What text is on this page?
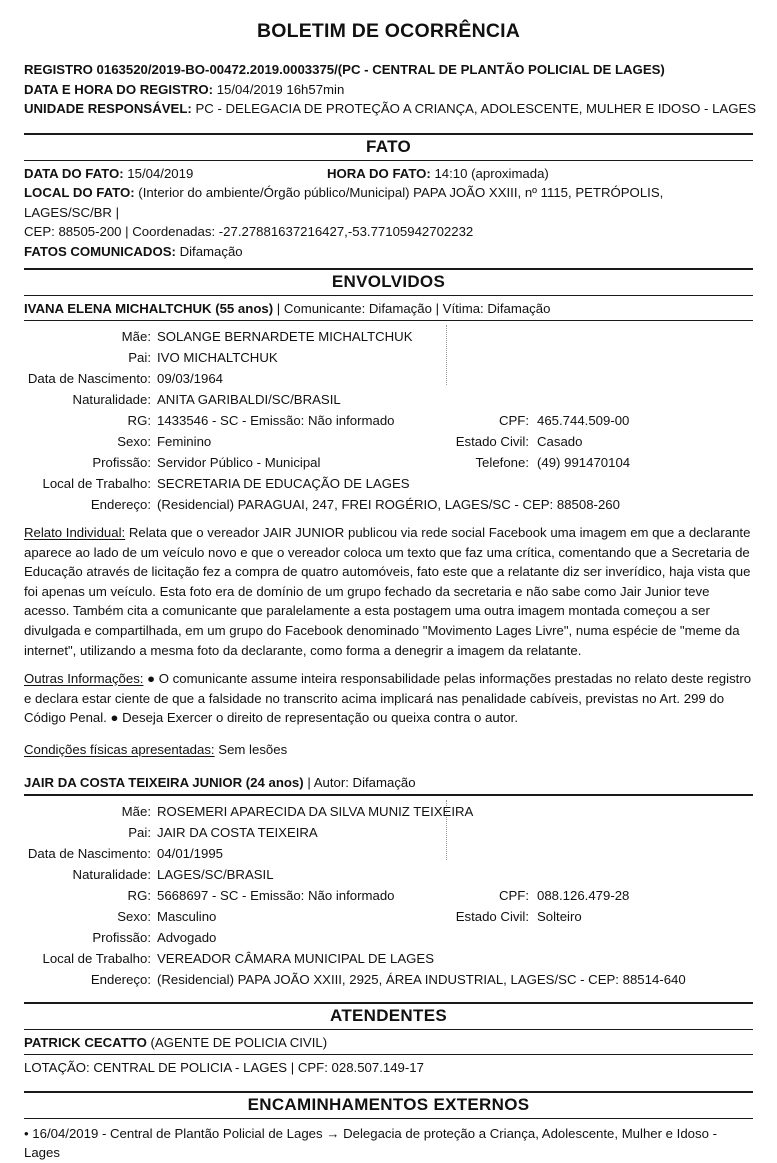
BOLETIM DE OCORRÊNCIA
REGISTRO 0163520/2019-BO-00472.2019.0003375/(PC - CENTRAL DE PLANTÃO POLICIAL DE LAGES)
DATA E HORA DO REGISTRO: 15/04/2019 16h57min
UNIDADE RESPONSÁVEL: PC - DELEGACIA DE PROTEÇÃO A CRIANÇA, ADOLESCENTE, MULHER E IDOSO - LAGES
FATO
DATA DO FATO: 15/04/2019	HORA DO FATO: 14:10 (aproximada)
LOCAL DO FATO: (Interior do ambiente/Órgão público/Municipal) PAPA JOÃO XXIII, nº 1115, PETRÓPOLIS, LAGES/SC/BR |
CEP: 88505-200 | Coordenadas: -27.27881637216427,-53.77105942702232
FATOS COMUNICADOS: Difamação
ENVOLVIDOS
IVANA ELENA MICHALTCHUK (55 anos) | Comunicante: Difamação | Vítima: Difamação
Mãe: SOLANGE BERNARDETE MICHALTCHUK
Pai: IVO MICHALTCHUK
Data de Nascimento: 09/03/1964
Naturalidade: ANITA GARIBALDI/SC/BRASIL
RG: 1433546 - SC - Emissão: Não informado	CPF: 465.744.509-00
Sexo: Feminino	Estado Civil: Casado
Profissão: Servidor Público - Municipal	Telefone: (49) 991470104
Local de Trabalho: SECRETARIA DE EDUCAÇÃO DE LAGES
Endereço: (Residencial) PARAGUAI, 247, FREI ROGÉRIO, LAGES/SC - CEP: 88508-260
Relato Individual: Relata que o vereador JAIR JUNIOR publicou via rede social Facebook uma imagem em que a declarante aparece ao lado de um veículo novo e que o vereador coloca um texto que faz uma crítica, comentando que a Secretaria de Educação através de licitação fez a compra de quatro automóveis, fato este que a relatante diz ser inverídico, haja vista que foi apenas um veículo. Esta foto era de domínio de um grupo fechado da secretaria e não sabe como Jair Junior teve acesso. Também cita a comunicante que paralelamente a esta postagem uma outra imagem montada começou a ser divulgada e compartilhada, em um grupo do Facebook denominado "Movimento Lages Livre", numa espécie de "meme da internet", utilizando a mesma foto da declarante, como forma a denegrir a imagem da relatante.
Outras Informações: ● O comunicante assume inteira responsabilidade pelas informações prestadas no relato deste registro e declara estar ciente de que a falsidade no transcrito acima implicará nas penalidade cabíveis, previstas no Art. 299 do Código Penal. ● Deseja Exercer o direito de representação ou queixa contra o autor.
Condições físicas apresentadas: Sem lesões
JAIR DA COSTA TEIXEIRA JUNIOR (24 anos) | Autor: Difamação
Mãe: ROSEMERI APARECIDA DA SILVA MUNIZ TEIXEIRA
Pai: JAIR DA COSTA TEIXEIRA
Data de Nascimento: 04/01/1995
Naturalidade: LAGES/SC/BRASIL
RG: 5668697 - SC - Emissão: Não informado	CPF: 088.126.479-28
Sexo: Masculino	Estado Civil: Solteiro
Profissão: Advogado
Local de Trabalho: VEREADOR CÂMARA MUNICIPAL DE LAGES
Endereço: (Residencial) PAPA JOÃO XXIII, 2925, ÁREA INDUSTRIAL, LAGES/SC - CEP: 88514-640
ATENDENTES
PATRICK CECATTO (AGENTE DE POLICIA CIVIL)
LOTAÇÃO: CENTRAL DE POLICIA - LAGES | CPF: 028.507.149-17
ENCAMINHAMENTOS EXTERNOS
• 16/04/2019 - Central de Plantão Policial de Lages → Delegacia de proteção a Criança, Adolescente, Mulher e Idoso - Lages
